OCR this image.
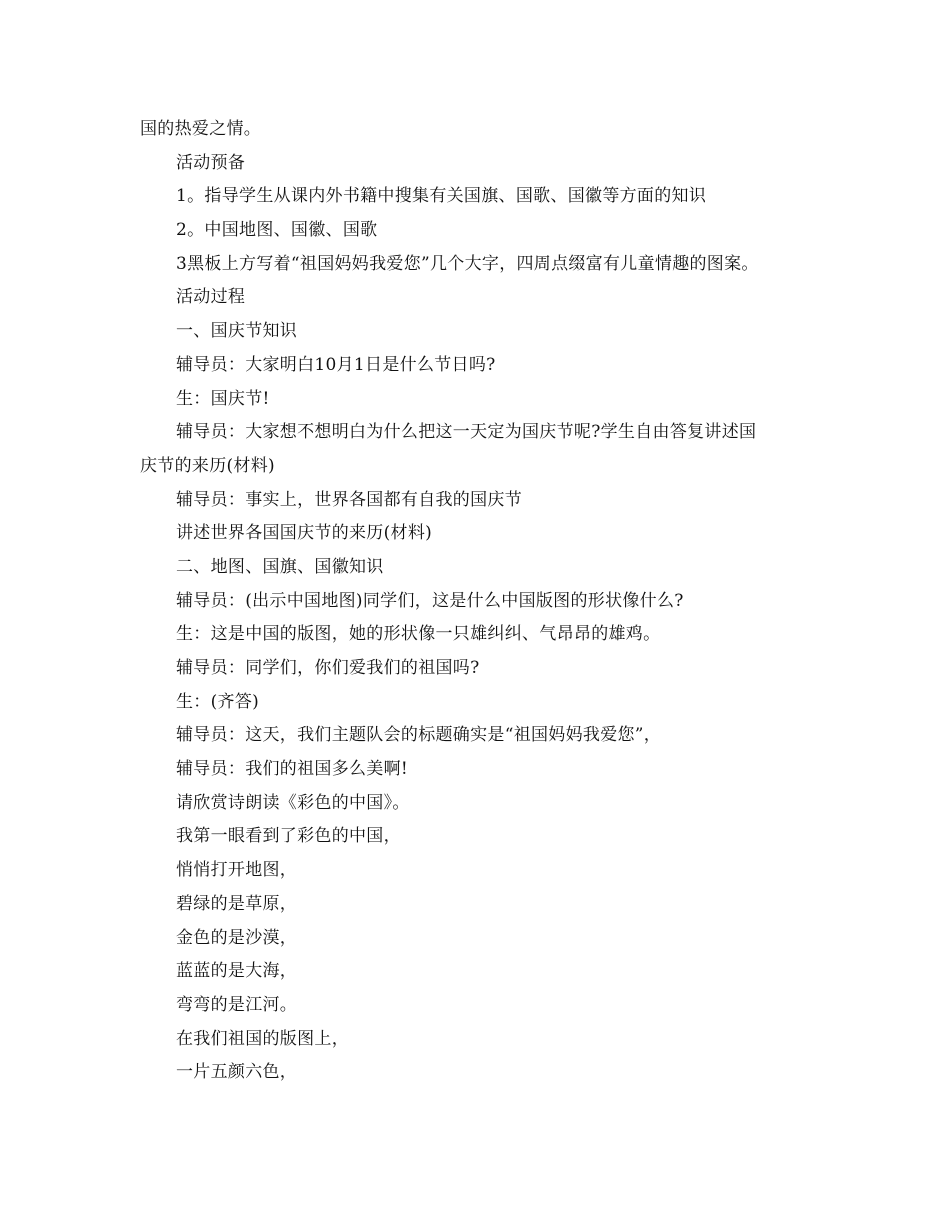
国的热爱之情。
活动预备
1。指导学生从课内外书籍中搜集有关国旗、国歌、国徽等方面的知识
2。中国地图、国徽、国歌
3黑板上方写着“祖国妈妈我爱您”几个大字，四周点缀富有儿童情趣的图案。
活动过程
一、国庆节知识
辅导员：大家明白10月1日是什么节日吗?
生：国庆节!
辅导员：大家想不想明白为什么把这一天定为国庆节呢?学生自由答复讲述国
庆节的来历(材料)
辅导员：事实上，世界各国都有自我的国庆节
讲述世界各国国庆节的来历(材料)
二、地图、国旗、国徽知识
辅导员：(出示中国地图)同学们，这是什么中国版图的形状像什么?
生：这是中国的版图，她的形状像一只雄纠纠、气昂昂的雄鸡。
辅导员：同学们，你们爱我们的祖国吗?
生：(齐答)
辅导员：这天，我们主题队会的标题确实是“祖国妈妈我爱您”，
辅导员：我们的祖国多么美啊!
请欣赏诗朗读《彩色的中国》。
我第一眼看到了彩色的中国，
悄悄打开地图，
碧绿的是草原，
金色的是沙漠，
蓝蓝的是大海，
弯弯的是江河。
在我们祖国的版图上，
一片五颜六色，
